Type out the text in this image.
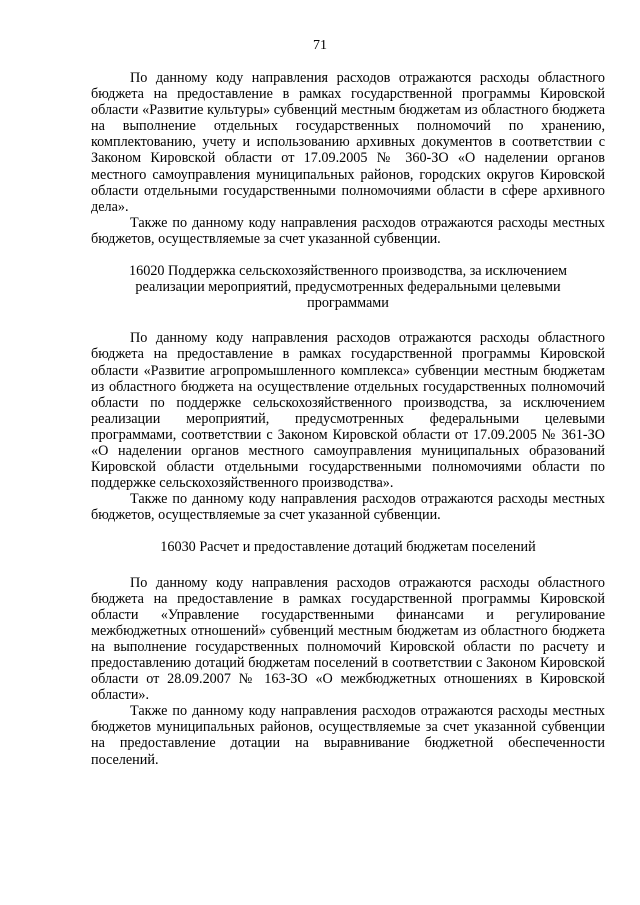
71

По данному коду направления расходов отражаются расходы областного бюджета на предоставление в рамках государственной программы Кировской области «Развитие культуры» субвенций местным бюджетам из областного бюджета на выполнение отдельных государственных полномочий по хранению, комплектованию, учету и использованию архивных документов в соответствии с Законом Кировской области от 17.09.2005 № 360-ЗО «О наделении органов местного самоуправления муниципальных районов, городских округов Кировской области отдельными государственными полномочиями области в сфере архивного дела».

Также по данному коду направления расходов отражаются расходы местных бюджетов, осуществляемые за счет указанной субвенции.

16020 Поддержка сельскохозяйственного производства, за исключением реализации мероприятий, предусмотренных федеральными целевыми программами

По данному коду направления расходов отражаются расходы областного бюджета на предоставление в рамках государственной программы Кировской области «Развитие агропромышленного комплекса» субвенции местным бюджетам из областного бюджета на осуществление отдельных государственных полномочий области по поддержке сельскохозяйственного производства, за исключением реализации мероприятий, предусмотренных федеральными целевыми программами, соответствии с Законом Кировской области от 17.09.2005 № 361-ЗО «О наделении органов местного самоуправления муниципальных образований Кировской области отдельными государственными полномочиями области по поддержке сельскохозяйственного производства».

Также по данному коду направления расходов отражаются расходы местных бюджетов, осуществляемые за счет указанной субвенции.

16030 Расчет и предоставление дотаций бюджетам поселений

По данному коду направления расходов отражаются расходы областного бюджета на предоставление в рамках государственной программы Кировской области «Управление государственными финансами и регулирование межбюджетных отношений» субвенций местным бюджетам из областного бюджета на выполнение государственных полномочий Кировской области по расчету и предоставлению дотаций бюджетам поселений в соответствии с Законом Кировской области от 28.09.2007 № 163-ЗО «О межбюджетных отношениях в Кировской области».

Также по данному коду направления расходов отражаются расходы местных бюджетов муниципальных районов, осуществляемые за счет указанной субвенции на предоставление дотации на выравнивание бюджетной обеспеченности поселений.
